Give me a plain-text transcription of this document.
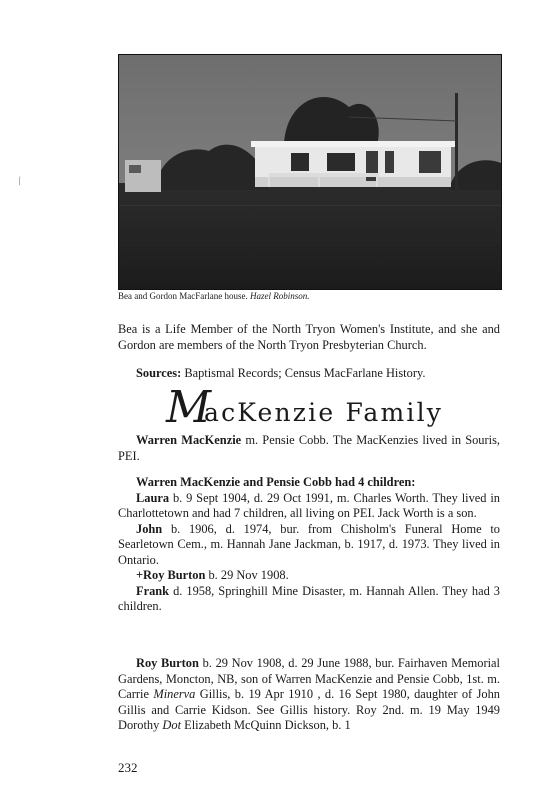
/
Bea and Gordon MacFarlane house. Hazel Robinson.
Bea is a Life Member of the North Tryon Women's Institute, and she and Gordon are members of the North Tryon Presbyterian Church.
Sources: Baptismal Records; Census MacFarlane History.
M
acKenzie Family
Warren MacKenzie m. Pensie Cobb. The MacKenzies lived in Souris, PEI.
Warren MacKenzie and Pensie Cobb had 4 children:
Laura b. 9 Sept 1904, d. 29 Oct 1991, m. Charles Worth. They lived in Charlottetown and had 7 children, all living on PEI. Jack Worth is a son.
John b. 1906, d. 1974, bur. from Chisholm's Funeral Home to Searletown Cem., m. Hannah Jane Jackman, b. 1917, d. 1973. They lived in Ontario.
+Roy Burton b. 29 Nov 1908.
Frank d. 1958, Springhill Mine Disaster, m. Hannah Allen. They had 3 children.
Roy Burton b. 29 Nov 1908, d. 29 June 1988, bur. Fairhaven Memorial Gardens, Moncton, NB, son of Warren MacKenzie and Pensie Cobb, 1st. m. Carrie Minerva Gillis, b. 19 Apr 1910 , d. 16 Sept 1980, daughter of John Gillis and Carrie Kidson. See Gillis history. Roy 2nd. m. 19 May 1949 Dorothy Dot Elizabeth McQuinn Dickson, b. 1
232
